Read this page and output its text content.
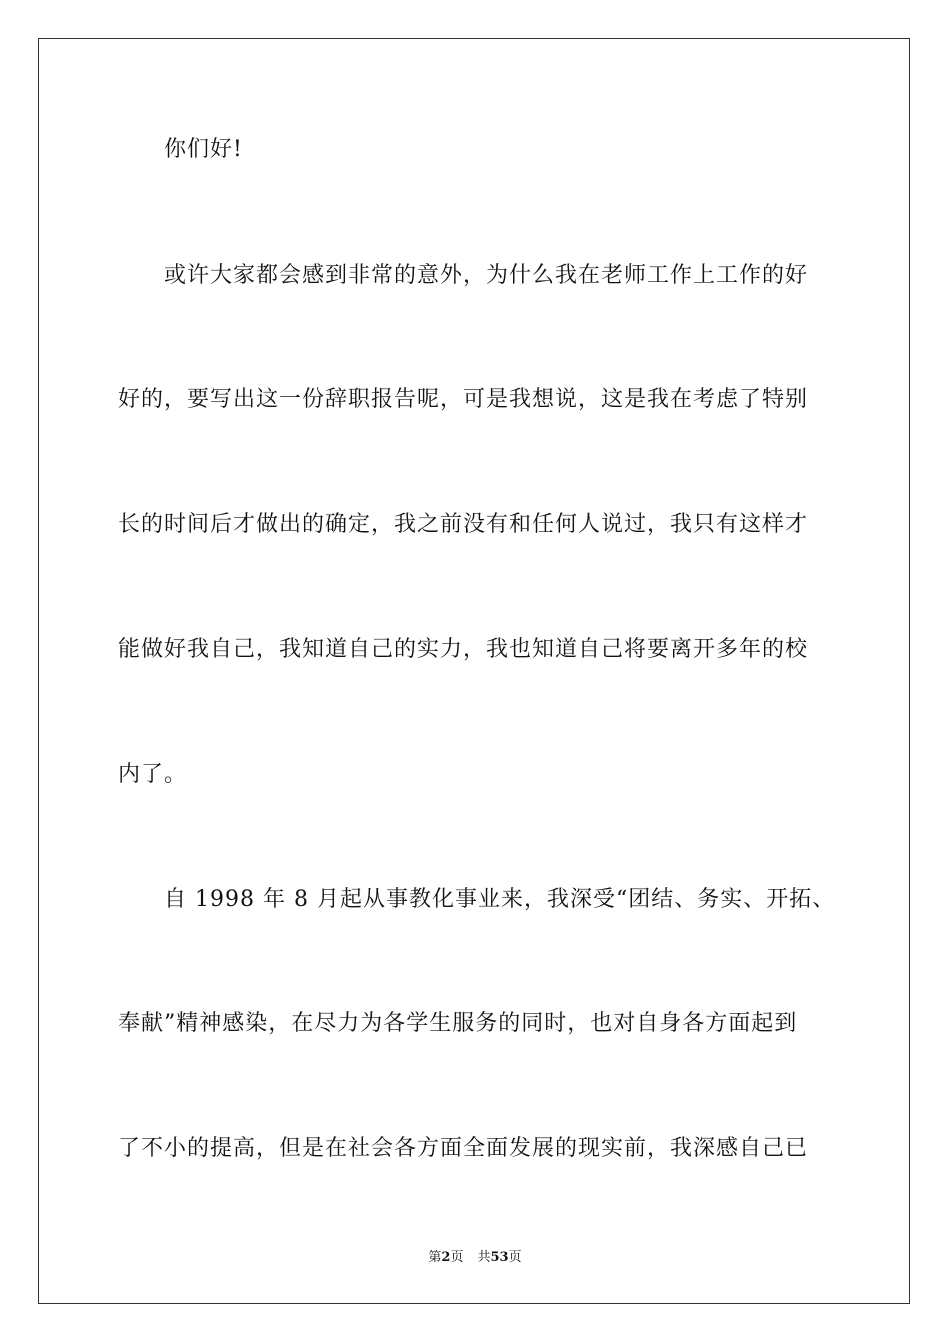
你们好!
或许大家都会感到非常的意外，为什么我在老师工作上工作的好
好的，要写出这一份辞职报告呢，可是我想说，这是我在考虑了特别
长的时间后才做出的确定，我之前没有和任何人说过，我只有这样才
能做好我自己，我知道自己的实力，我也知道自己将要离开多年的校
内了。
自 1998 年 8 月起从事教化事业来，我深受“团结、务实、开拓、
奉献”精神感染，在尽力为各学生服务的同时，也对自身各方面起到
了不小的提高，但是在社会各方面全面发展的现实前，我深感自己已
第2页 共53页
